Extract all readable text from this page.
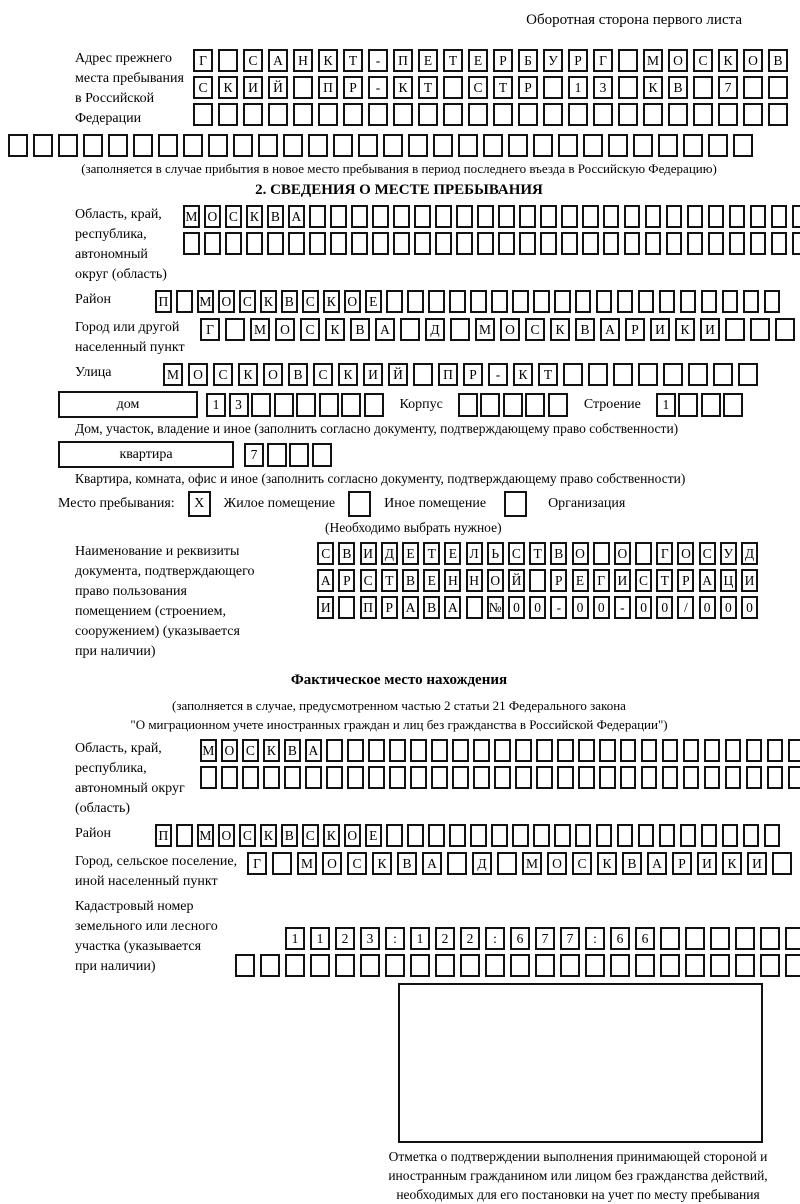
Оборотная сторона первого листа
Адрес прежнего
места пребывания
в Российской
Федерации
Г	С	А	Н	К	Т	-	П	Е	Т	Е	Р	Б	У	Р	Г	М	О	С	К	О	В
С	К	И	Й	П	Р	-	К	Т	С	Т	Р	1	3	К	В	7
(заполняется в случае прибытия в новое место пребывания в период последнего въезда в Российскую Федерацию)
2. СВЕДЕНИЯ О МЕСТЕ ПРЕБЫВАНИЯ
Область, край,
республика,
автономный
округ (область)
М О С К В А
Район	П М О С К В С К О Е
Город или другой
населенный пункт
Г	М	О	С	К	В	А	Д	М	О	С	К	В	А	Р	И	К	И
Улица	М	О	С	К	О	В	С	К	И	Й	П	Р	-	К	Т
дом	1	3	Корпус	Строение	1
Дом, участок, владение и иное (заполнить согласно документу, подтверждающему право собственности)
квартира	7
Квартира, комната, офис и иное (заполнить согласно документу, подтверждающему право собственности)
Место пребывания:	X	Жилое помещение	Иное помещение	Организация
(Необходимо выбрать нужное)
Наименование и реквизиты
документа, подтверждающего
право пользования
помещением (строением,
сооружением) (указывается
при наличии)
С В И Д Е Т Е Л Ь С Т В О О	Г О С У Д
А Р С Т В Е Н Н О Й	Р Е Г И С Т Р А Ц И
И П Р А В А № 0	0	-	0	0	-	0	0	/	0	0	0
Фактическое место нахождения
(заполняется в случае, предусмотренном частью 2 статьи 21 Федерального закона
"О миграционном учете иностранных граждан и лиц без гражданства в Российской Федерации")
Область, край,
республика,
автономный округ
(область)
М О С К В А
Район	П М О С К В С К О Е
Город, сельское поселение,
иной населенный пункт
Г	М	О	С	К	В	А	Д	М	О	С	К	В	А	Р	И	К	И
Кадастровый номер
земельного или лесного
участка (указывается
при наличии)
1	1	2	3	:	1	2	2	:	6	7	7	:	6	6
Отметка о подтверждении выполнения принимающей стороной и иностранным гражданином или лицом без гражданства действий, необходимых для его постановки на учет по месту пребывания
